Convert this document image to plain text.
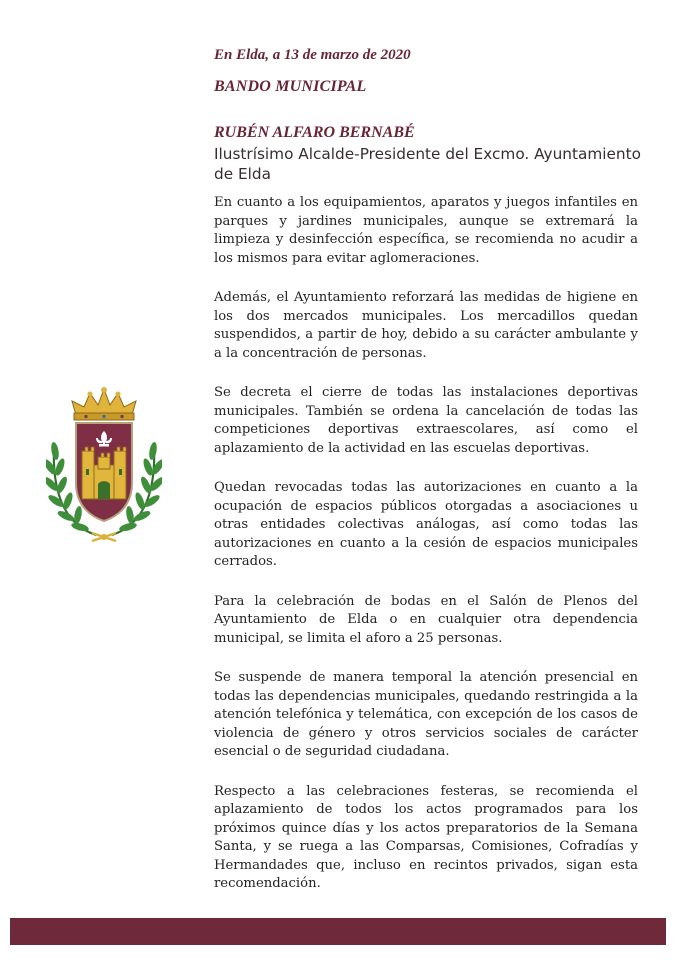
En Elda, a 13 de marzo de 2020
BANDO MUNICIPAL
RUBÉN ALFARO BERNABÉ
Ilustrísimo Alcalde-Presidente del Excmo. Ayuntamiento de Elda

En cuanto a los equipamientos, aparatos y juegos infantiles en parques y jardines municipales, aunque se extremará la limpieza y desinfección específica, se recomienda no acudir a los mismos para evitar aglomeraciones.

Además, el Ayuntamiento reforzará las medidas de higiene en los dos mercados municipales. Los mercadillos quedan suspendidos, a partir de hoy, debido a su carácter ambulante y a la concentración de personas.

Se decreta el cierre de todas las instalaciones deportivas municipales. También se ordena la cancelación de todas las competiciones deportivas extraescolares, así como el aplazamiento de la actividad en las escuelas deportivas.

Quedan revocadas todas las autorizaciones en cuanto a la ocupación de espacios públicos otorgadas a asociaciones u otras entidades colectivas análogas, así como todas las autorizaciones en cuanto a la cesión de espacios municipales cerrados.

Para la celebración de bodas en el Salón de Plenos del Ayuntamiento de Elda o en cualquier otra dependencia municipal, se limita el aforo a 25 personas.

Se suspende de manera temporal la atención presencial en todas las dependencias municipales, quedando restringida a la atención telefónica y telemática, con excepción de los casos de violencia de género y otros servicios sociales de carácter esencial o de seguridad ciudadana.

Respecto a las celebraciones festeras, se recomienda el aplazamiento de todos los actos programados para los próximos quince días y los actos preparatorios de la Semana Santa, y se ruega a las Comparsas, Comisiones, Cofradías y Hermandades que, incluso en recintos privados, sigan esta recomendación.
